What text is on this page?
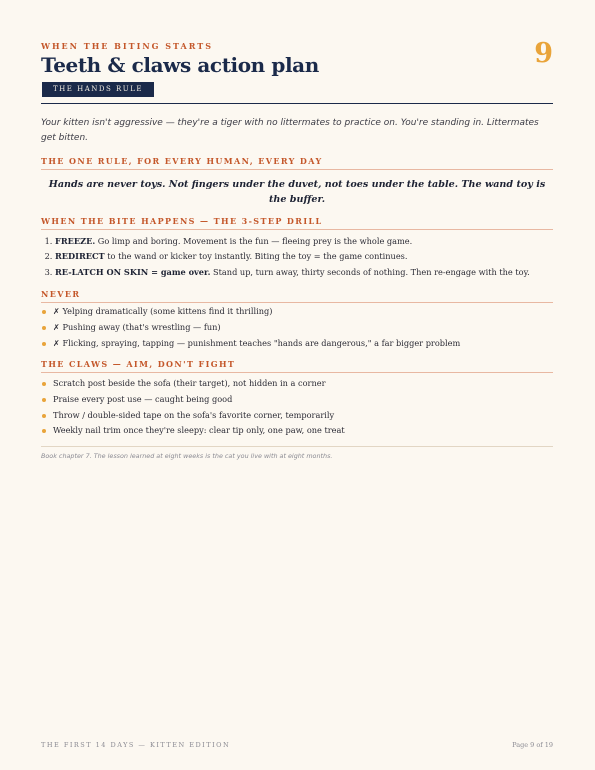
WHEN THE BITING STARTS
Teeth & claws action plan	9
THE HANDS RULE
Your kitten isn't aggressive — they're a tiger with no littermates to practice on. You're standing in. Littermates get bitten.
THE ONE RULE, FOR EVERY HUMAN, EVERY DAY
Hands are never toys. Not fingers under the duvet, not toes under the table. The wand toy is the buffer.
WHEN THE BITE HAPPENS — THE 3-STEP DRILL
1. FREEZE. Go limp and boring. Movement is the fun — fleeing prey is the whole game.
2. REDIRECT to the wand or kicker toy instantly. Biting the toy = the game continues.
3. RE-LATCH ON SKIN = game over. Stand up, turn away, thirty seconds of nothing. Then re-engage with the toy.
NEVER
✗ Yelping dramatically (some kittens find it thrilling)
✗ Pushing away (that's wrestling — fun)
✗ Flicking, spraying, tapping — punishment teaches "hands are dangerous," a far bigger problem
THE CLAWS — AIM, DON'T FIGHT
Scratch post beside the sofa (their target), not hidden in a corner
Praise every post use — caught being good
Throw / double-sided tape on the sofa's favorite corner, temporarily
Weekly nail trim once they're sleepy: clear tip only, one paw, one treat
Book chapter 7. The lesson learned at eight weeks is the cat you live with at eight months.
THE FIRST 14 DAYS — KITTEN EDITION	Page 9 of 19
